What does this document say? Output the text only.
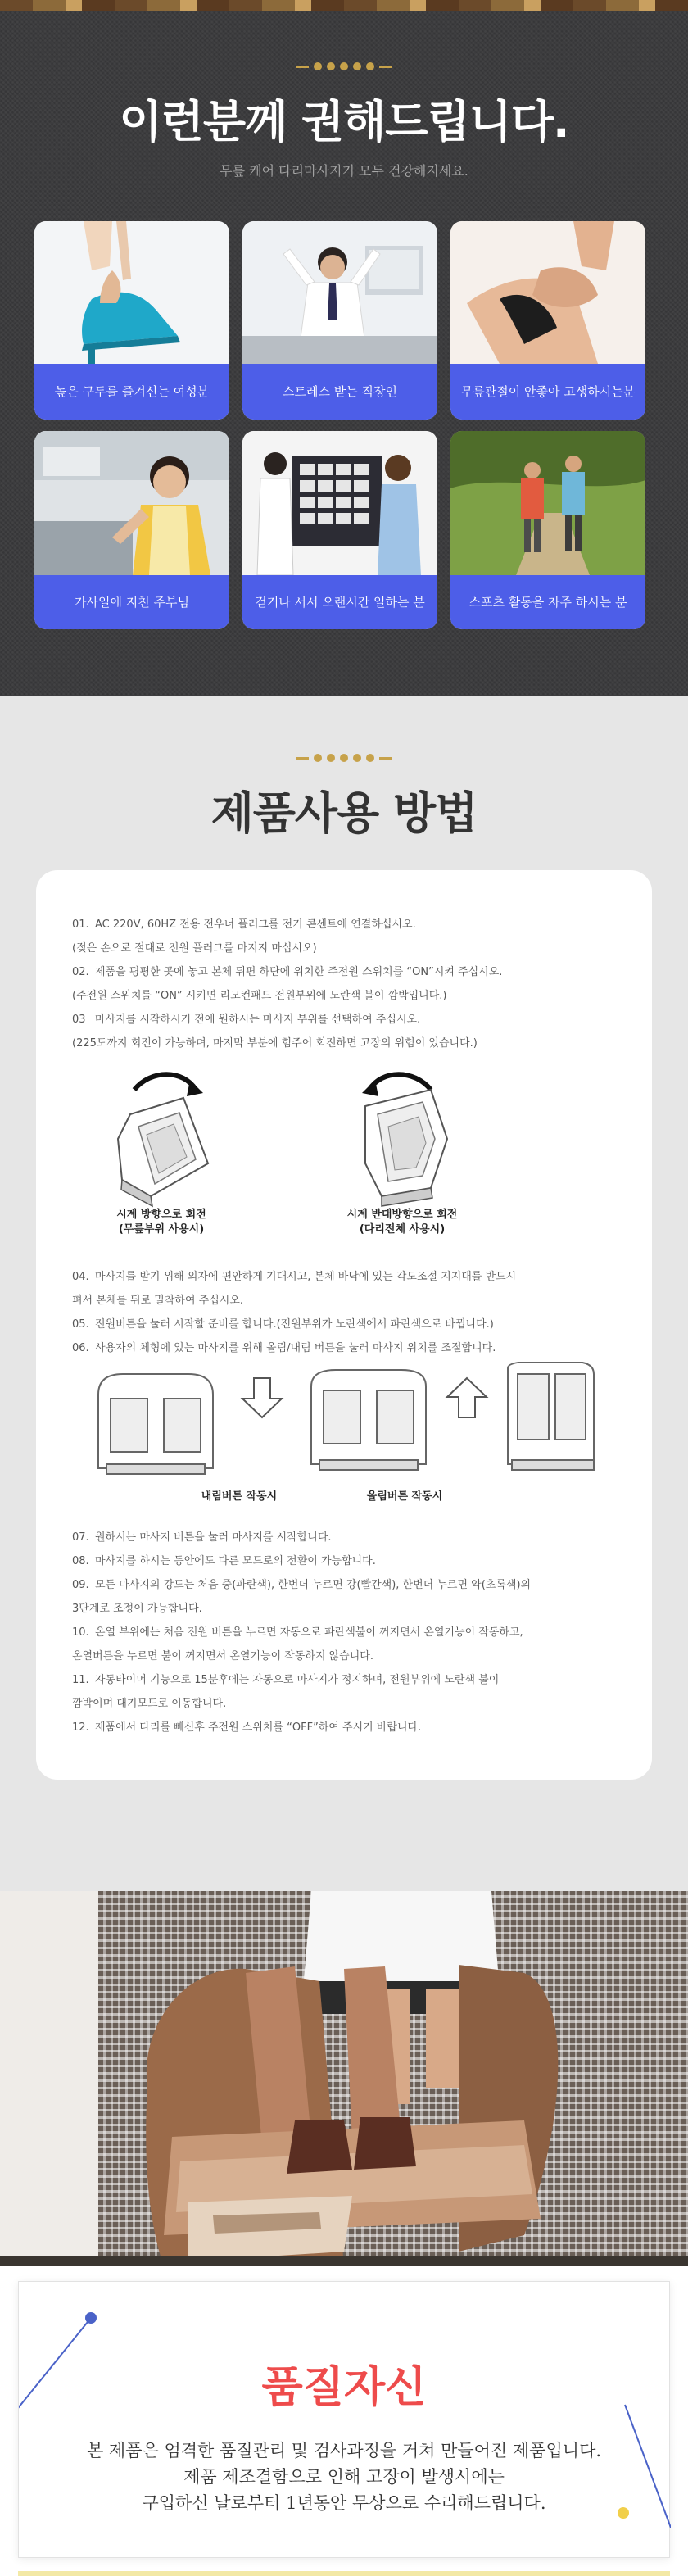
이런분께 권해드립니다.

무릎 케어 다리마사지기 모두 건강해지세요.

높은 구두를 즐겨신는 여성분	스트레스 받는 직장인	무릎관절이 안좋아 고생하시는분
가사일에 지친 주부님	걷거나 서서 오랜시간 일하는 분	스포츠 활동을 자주 하시는 분
제품사용 방법
01. AC 220V, 60HZ 전용 전우너 플러그를 전기 콘센트에 연결하십시오.
(젖은 손으로 절대로 전원 플러그를 마지지 마십시오)
02. 제품을 평평한 곳에 놓고 본체 뒤편 하단에 위치한 주전원 스위치를 “ON”시켜 주십시오.
(주전원 스위치를 “ON” 시키면 리모컨패드 전원부위에 노란색 불이 깜박입니다.)
03 마사지를 시작하시기 전에 원하시는 마사지 부위를 선택하여 주십시오.
(225도까지 회전이 가능하며, 마지막 부분에 힘주어 회전하면 고장의 위험이 있습니다.)
시계 방향으로 회전
(무릎부위 사용시)
시계 반대방향으로 회전
(다리전체 사용시)
04. 마사지를 받기 위해 의자에 편안하게 기대시고, 본체 바닥에 있는 각도조절 지지대를 반드시
펴서 본체를 뒤로 밀착하여 주십시오.
05. 전원버튼을 눌러 시작할 준비를 합니다.(전원부위가 노란색에서 파란색으로 바뀝니다.)
06. 사용자의 체형에 있는 마사지를 위해 올림/내림 버튼을 눌러 마사지 위치를 조절합니다.
내림버튼 작동시	올림버튼 작동시
07. 원하시는 마사지 버튼을 눌러 마사지를 시작합니다.
08. 마사지를 하시는 동안에도 다른 모드로의 전환이 가능합니다.
09. 모든 마사지의 강도는 처음 중(파란색), 한번더 누르면 강(빨간색), 한번더 누르면 약(초록색)의
3단계로 조정이 가능합니다.
10. 온열 부위에는 처음 전원 버튼을 누르면 자동으로 파란색불이 꺼지면서 온열기능이 작동하고,
온열버튼을 누르면 불이 꺼지면서 온열기능이 작동하지 않습니다.
11. 자동타이머 기능으로 15분후에는 자동으로 마사지가 정지하며, 전원부위에 노란색 불이
깜박이며 대기모드로 이동합니다.
12. 제품에서 다리를 빼신후 주전원 스위치를 “OFF”하여 주시기 바랍니다.
품질자신
본 제품은 엄격한 품질관리 및 검사과정을 거쳐 만들어진 제품입니다.
제품 제조결함으로 인해 고장이 발생시에는
구입하신 날로부터 1년동안 무상으로 수리해드립니다.
